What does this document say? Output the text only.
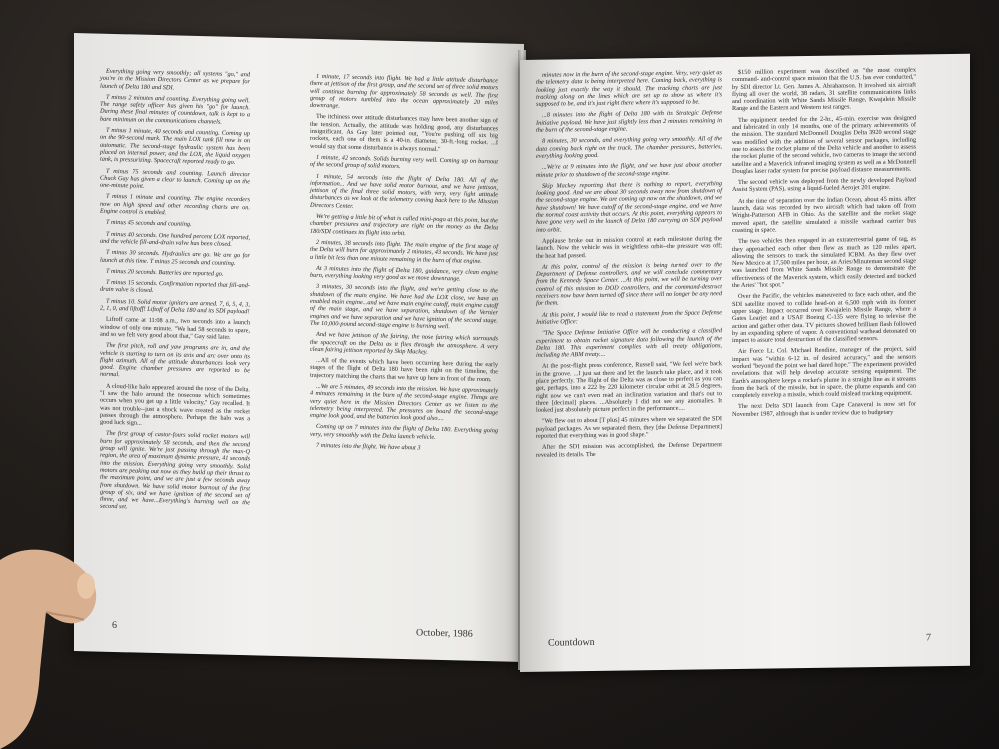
Everything going very smoothly; all systems "go," and you're in the Mission Directors Center as we prepare for launch of Delta 180 and SDI.

T minus 2 minutes and counting. Everything going well. The range safety officer has given his "go" for launch. During these final minutes of countdown, talk is kept to a bare minimum on the communications channels.

T minus 1 minute, 40 seconds and counting. Coming up on the 90-second mark. The main LOX tank fill now is on automatic. The second-stage hydraulic system has been placed on internal power, and the LOX, the liquid oxygen tank, is pressurizing. Spacecraft reported ready to go.

T minus 75 seconds and counting. Launch director Chuck Gay has given a clear to launch. Coming up on the one-minute point.

T minus 1 minute and counting. The engine recorders now on high speed and other recording charts are on. Engine control is enabled.

T minus 45 seconds and counting.

T minus 40 seconds. One hundred percent LOX reported, and the vehicle fill-and-drain valve has been closed.

T minus 30 seconds. Hydraulics are go. We are go for launch at this time. T minus 25 seconds and counting.

T minus 20 seconds. Batteries are reported go.

T minus 15 seconds. Confirmation reported that fill-and-drain valve is closed.

T minus 10. Solid motor igniters are armed. 7, 6, 5, 4, 3, 2, 1, 0, and liftoff! Liftoff of Delta 180 and its SDI payload!

Liftoff came at 11:08 a.m., two seconds into a launch window of only one minute. "We had 58 seconds to spare, and so we felt very good about that," Gay said later.

The first pitch, roll and yaw programs are in, and the vehicle is starting to turn on its axis and arc over onto its flight azimuth. All of the attitude disturbances look very good. Engine chamber pressures are reported to be normal.

A cloud-like halo appeared around the nose of the Delta. "I saw the halo around the nosecone which sometimes occurs when you get up a little velocity," Gay recalled. It was not trouble--just a shock wave created as the rocket passes through the atmosphere. Perhaps the halo was a good luck sign...

The first group of castor-fours solid rocket motors will burn for approximately 58 seconds, and then the second group will ignite. We're just passing through the max-Q region, the area of maximum dynamic pressure, 41 seconds into the mission. Everything going very smoothly. Solid motors are peaking out now as they build up their thrust to the maximum point, and we are just a few seconds away from shutdown. We have solid motor burnout of the first group of six, and we have ignition of the second set of three, and we have...Everything's burning well on the second set.

1 minute, 17 seconds into flight. We had a little attitude disturbance there at jettison of the first group, and the second set of three solid motors will continue burning for approximately 58 seconds as well. The first group of motors tumbled into the ocean approximately 20 miles downrange.

The itchiness over attitude disturbances may have been another sign of the tension. Actually, the attitude was holding good, any disturbances insignificant. As Gay later pointed out, "You're pushing off six big rockets, each one of them is a 40-in. diameter, 30-ft.-long rocket. ...I would say that some disturbance is always normal."

1 minute, 42 seconds. Solids burning very well. Coming up on burnout of the second group of solid motors.

1 minute, 54 seconds into the flight of Delta 180. All of the information... And we have solid motor burnout, and we have jettison, jettison of the final three solid motors, with very, very light attitude disturbances as we look at the telemetry coming back here to the Mission Directors Center.

We're getting a little bit of what is called mini-pogo at this point, but the chamber pressures and trajectory are right on the money as the Delta 180/SDI continues its flight into orbit.

2 minutes, 38 seconds into flight. The main engine of the first stage of the Delta will burn for approximately 2 minutes, 43 seconds. We have just a little bit less than one minute remaining in the burn of that engine.

At 3 minutes into the flight of Delta 180, guidance, very clean engine burn, everything looking very good as we move downrange.

3 minutes, 30 seconds into the flight, and we're getting close to the shutdown of the main engine. We have had the LOX close, we have an enabled main engine...and we have main engine cutoff, main engine cutoff of the main stage, and we have separation, shutdown of the Vernier engines and we have separation and we have ignition of the second stage. The 10,000-pound second-stage engine is burning well.

And we have jettison of the fairing, the nose fairing which surrounds the spacecraft on the Delta as it flies through the atmosphere. A very clean fairing jettison reported by Skip Mackey.

...All of the events which have been occurring here during the early stages of the flight of Delta 180 have been right on the timeline, the trajectory matching the charts that we have up here in front of the room.

...We are 5 minutes, 49 seconds into the mission. We have approximately 4 minutes remaining in the burn of the second-stage engine. Things are very quiet here in the Mission Directors Center as we listen to the telemetry being interpreted. The pressures on board the second-stage engine look good, and the batteries look good also....

Coming up on 7 minutes into the flight of Delta 180. Everything going very, very smoothly with the Delta launch vehicle.

7 minutes into the flight. We have about 3

6
October, 1986

minutes now in the burn of the second-stage engine. Very, very quiet as the telemetry data is being interpreted here. Coming back, everything is looking just exactly the way it should. The tracking charts are just tracking along on the lines which are set up to show us where it's supposed to be, and it's just right there where it's supposed to be.

...8 minutes into the flight of Delta 180 with its Strategic Defense Initiative payload. We have just slightly less than 2 minutes remaining in the burn of the second-stage engine.

8 minutes, 30 seconds, and everything going very smoothly. All of the data coming back right on the track. The chamber pressures, batteries, everything looking good.

...We're at 9 minutes into the flight, and we have just about another minute prior to shutdown of the second-stage engine.

Skip Mackey reporting that there is nothing to report, everything looking good. And we are about 30 seconds away now from shutdown of the second-stage engine. We are coming up now on the shutdown, and we have shutdown! We have cutoff of the second-stage engine, and we have the normal coast activity that occurs. At this point, everything appears to have gone very well in the launch of Delta 180 carrying an SDI payload into orbit.

Applause broke out in mission control at each milestone during the launch. Now the vehicle was in weightless orbit--the pressure was off; the heat had passed.

At this point, control of the mission is being turned over to the Department of Defense controllers, and we will conclude commentary from the Kennedy Space Center. ...At this point, we will be turning over control of this mission to DOD controllers, and the command-destruct receivers now have been turned off since there will no longer be any need for them.

At this point, I would like to read a statement from the Space Defense Initiative Office:

"The Space Defense Initiative Office will be conducting a classified experiment to obtain rocket signature data following the launch of the Delta 180. This experiment complies with all treaty obligations, including the ABM treaty....

At the post-flight press conference, Russell said, "We feel we're back in the groove. ...I just sat there and let the launch take place, and it took place perfectly. The flight of the Delta was as close to perfect as you can get, perhaps, into a 222 by 220 kilometer circular orbit at 28.5 degrees, right now we can't even read an inclination variation and that's out to three [decimal] places. ...Absolutely I did not see any anomalies. It looked just absolutely picture perfect in the performance....

"We flew out to about [T plus] 45 minutes where we separated the SDI payload packages. As we separated them, they [the Defense Department] reported that everything was in good shape."

After the SDI mission was accomplished, the Defense Department revealed its details. The

$150 million experiment was described as "the most complex command- and-control space mission that the U.S. has ever conducted," by SDI director Lt. Gen. James A. Abrahamson. It involved six aircraft flying all over the world, 38 radars, 31 satellite communications links and coordination with White Sands Missile Range, Kwajalein Missile Range and the Eastern and Western test ranges.

The equipment needed for the 2-hr., 45-min. exercise was designed and fabricated in only 14 months, one of the primary achievements of the mission. The standard McDonnell Douglas Delta 3920 second stage was modified with the addition of several sensor packages, including one to assess the rocket plume of the Delta vehicle and another to assess the rocket plume of the second vehicle, two cameras to image the second satellite and a Maverick infrared imaging system as well as a McDonnell Douglas laser radar system for precise payload distance measurements.

The second vehicle was deployed from the newly developed Payload Assist System (PAS), using a liquid-fueled Aerojet 201 engine.

At the time of separation over the Indian Ocean, about 45 mins. after launch, data was recorded by two aircraft which had taken off from Wright-Patterson AFB in Ohio. As the satellite and the rocket stage moved apart, the satellite simulated a missile warhead carrier bus coasting in space.

The two vehicles then engaged in an extraterrestrial game of tag, as they approached each other then flew as much as 120 miles apart, allowing the sensors to track the simulated ICBM. As they flew over New Mexico at 17,500 miles per hour, an Aries/Minuteman second stage was launched from White Sands Missile Range to demonstrate the effectiveness of the Maverick system, which easily detected and tracked the Aries' "hot spot."

Over the Pacific, the vehicles maneuvered to face each other, and the SDI satellite moved to collide head-on at 6,500 mph with its former upper stage. Impact occurred over Kwajalein Missile Range, where a Gates Learjet and a USAF Boeing C-135 were flying to televise the action and gather other data. TV pictures showed brilliant flash followed by an expanding sphere of vapor. A conventional warhead detonated on impact to assure total destruction of the classified sensors.

Air Force Lt. Col. Michael Rendine, manager of the project, said impact was "within 6-12 in. of desired accuracy," and the sensors worked "beyond the point we had dared hope." The experiment provided revelations that will help develop accurate sensing equipment. The Earth's atmosphere keeps a rocket's plume in a straight line as it streams from the back of the missile, but in space, the plume expands and can completely envelop a missile, which could mislead tracking equipment.

The next Delta SDI launch from Cape Canaveral is now set for November 1987, although that is under review due to budgetary

Countdown	7
